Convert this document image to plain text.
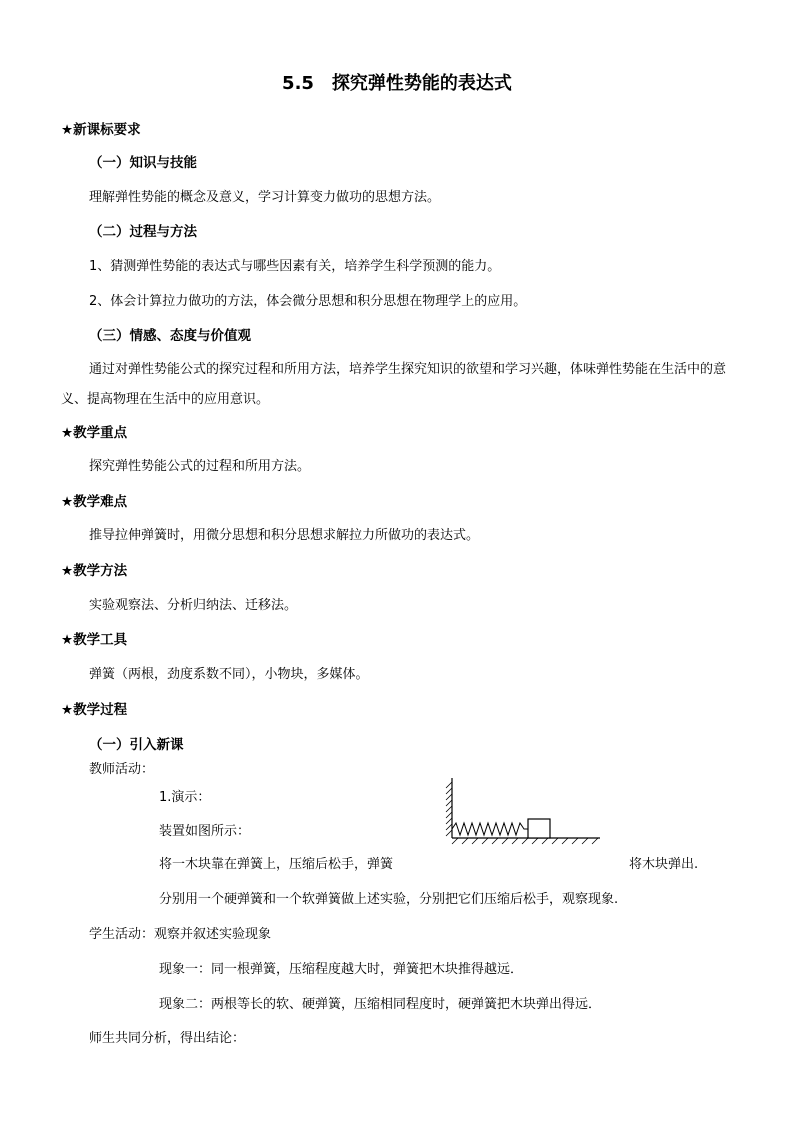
5.5　探究弹性势能的表达式
★新课标要求
（一）知识与技能
理解弹性势能的概念及意义，学习计算变力做功的思想方法。
（二）过程与方法
1、猜测弹性势能的表达式与哪些因素有关，培养学生科学预测的能力。
2、体会计算拉力做功的方法，体会微分思想和积分思想在物理学上的应用。
（三）情感、态度与价值观
通过对弹性势能公式的探究过程和所用方法，培养学生探究知识的欲望和学习兴趣，体味弹性势能在生活中的意义、提高物理在生活中的应用意识。
★教学重点
探究弹性势能公式的过程和所用方法。
★教学难点
推导拉伸弹簧时，用微分思想和积分思想求解拉力所做功的表达式。
★教学方法
实验观察法、分析归纳法、迁移法。
★教学工具
弹簧（两根，劲度系数不同），小物块，多媒体。
★教学过程
（一）引入新课
教师活动：
1.演示：
装置如图所示：
将一木块靠在弹簧上，压缩后松手，弹簧	将木块弹出.
分别用一个硬弹簧和一个软弹簧做上述实验，分别把它们压缩后松手，观察现象.
学生活动：观察并叙述实验现象
现象一：同一根弹簧，压缩程度越大时，弹簧把木块推得越远．
现象二：两根等长的软、硬弹簧，压缩相同程度时，硬弹簧把木块弹出得远．
师生共同分析，得出结论：
